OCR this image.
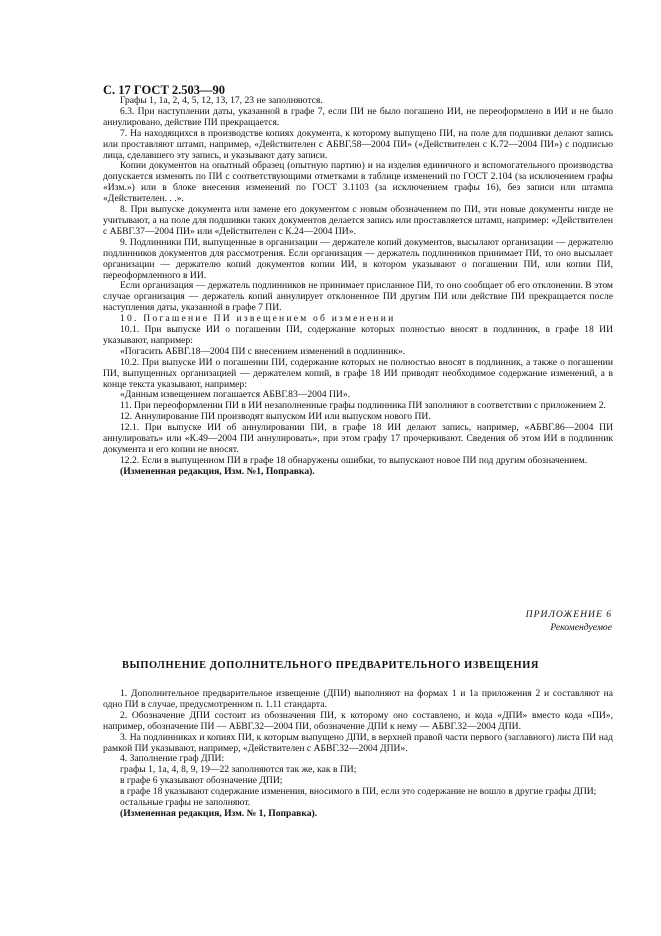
С. 17 ГОСТ 2.503—90

Графы 1, 1а, 2, 4, 5, 12, 13, 17, 23 не заполняются.

6.3. При наступлении даты, указанной в графе 7, если ПИ не было погашено ИИ, не переоформлено в ИИ и не было аннулировано, действие ПИ прекращается.

7. На находящихся в производстве копиях документа, к которому выпущено ПИ, на поле для подшивки делают запись или проставляют штамп, например, «Действителен с АБВГ.58—2004 ПИ» («Действителен с К.72—2004 ПИ») с подписью лица, сделавшего эту запись, и указывают дату записи.

Копии документов на опытный образец (опытную партию) и на изделия единичного и вспомогательного производства допускается изменять по ПИ с соответствующими отметками в таблице изменений по ГОСТ 2.104 (за исключением графы «Изм.») или в блоке внесения изменений по ГОСТ 3.1103 (за исключением графы 16), без записи или штампа «Действителен. . .».

8. При выпуске документа или замене его документом с новым обозначением по ПИ, эти новые документы нигде не учитывают, а на поле для подшивки таких документов делается запись или проставляется штамп, например: «Действителен с АБВГ.37—2004 ПИ» или «Действителен с К.24—2004 ПИ».

9. Подлинники ПИ, выпущенные в организации — держателе копий документов, высылают организации — держателю подлинников документов для рассмотрения. Если организация — держатель подлинников принимает ПИ, то оно высылает организации — держателю копий документов копии ИИ, в котором указывают о погашении ПИ, или копии ПИ, переоформленного в ИИ.

Если организация — держатель подлинников не принимает присланное ПИ, то оно сообщает об его отклонении. В этом случае организация — держатель копий аннулирует отклоненное ПИ другим ПИ или действие ПИ прекращается после наступления даты, указанной в графе 7 ПИ.

10. Погашение ПИ извещением об изменении

10.1. При выпуске ИИ о погашении ПИ, содержание которых полностью вносят в подлинник, в графе 18 ИИ указывают, например:

«Погасить АБВГ.18—2004 ПИ с внесением изменений в подлинник».

10.2. При выпуске ИИ о погашении ПИ, содержание которых не полностью вносят в подлинник, а также о погашении ПИ, выпущенных организацией — держателем копий, в графе 18 ИИ приводят необходимое содержание изменений, а в конце текста указывают, например:

«Данным извещением погашается АБВГ.83—2004 ПИ».

11. При переоформлении ПИ в ИИ незаполненные графы подлинника ПИ заполняют в соответствии с приложением 2.

12. Аннулирование ПИ производят выпуском ИИ или выпуском нового ПИ.

12.1. При выпуске ИИ об аннулировании ПИ, в графе 18 ИИ делают запись, например, «АБВГ.86—2004 ПИ аннулировать» или «К.49—2004 ПИ аннулировать», при этом графу 17 прочеркивают. Сведения об этом ИИ в подлинник документа и его копии не вносят.

12.2. Если в выпущенном ПИ в графе 18 обнаружены ошибки, то выпускают новое ПИ под другим обозначением.

(Измененная редакция, Изм. №1, Поправка).

ПРИЛОЖЕНИЕ 6
Рекомендуемое
ВЫПОЛНЕНИЕ ДОПОЛНИТЕЛЬНОГО ПРЕДВАРИТЕЛЬНОГО ИЗВЕЩЕНИЯ

1. Дополнительное предварительное извещение (ДПИ) выполняют на формах 1 и 1а приложения 2 и составляют на одно ПИ в случае, предусмотренном п. 1.11 стандарта.

2. Обозначение ДПИ состоит из обозначения ПИ, к которому оно составлено, и кода «ДПИ» вместо кода «ПИ», например, обозначение ПИ — АБВГ.32—2004 ПИ, обозначение ДПИ к нему — АБВГ.32—2004 ДПИ.

3. На подлинниках и копиях ПИ, к которым выпущено ДПИ, в верхней правой части первого (заглавного) листа ПИ над рамкой ПИ указывают, например, «Действителен с АБВГ.32—2004 ДПИ».

4. Заполнение граф ДПИ:

графы 1, 1а, 4, 8, 9, 19—22 заполняются так же, как в ПИ;

в графе 6 указывают обозначение ДПИ;

в графе 18 указывают содержание изменения, вносимого в ПИ, если это содержание не вошло в другие графы ДПИ;

остальные графы не заполняют.

(Измененная редакция, Изм. № 1, Поправка).
